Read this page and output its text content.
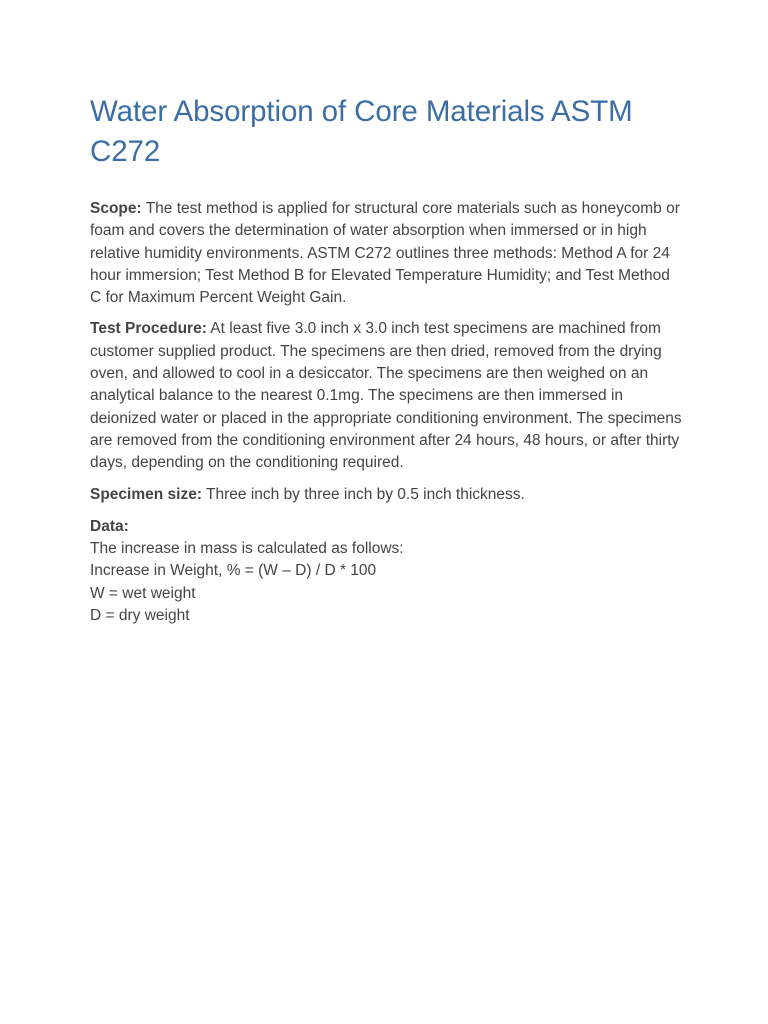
Water Absorption of Core Materials ASTM C272

Scope: The test method is applied for structural core materials such as honeycomb or foam and covers the determination of water absorption when immersed or in high relative humidity environments. ASTM C272 outlines three methods: Method A for 24 hour immersion; Test Method B for Elevated Temperature Humidity; and Test Method C for Maximum Percent Weight Gain.

Test Procedure: At least five 3.0 inch x 3.0 inch test specimens are machined from customer supplied product. The specimens are then dried, removed from the drying oven, and allowed to cool in a desiccator. The specimens are then weighed on an analytical balance to the nearest 0.1mg. The specimens are then immersed in deionized water or placed in the appropriate conditioning environment. The specimens are removed from the conditioning environment after 24 hours, 48 hours, or after thirty days, depending on the conditioning required.

Specimen size: Three inch by three inch by 0.5 inch thickness.

Data:
The increase in mass is calculated as follows:
Increase in Weight, % = (W – D) / D * 100
W = wet weight
D = dry weight
